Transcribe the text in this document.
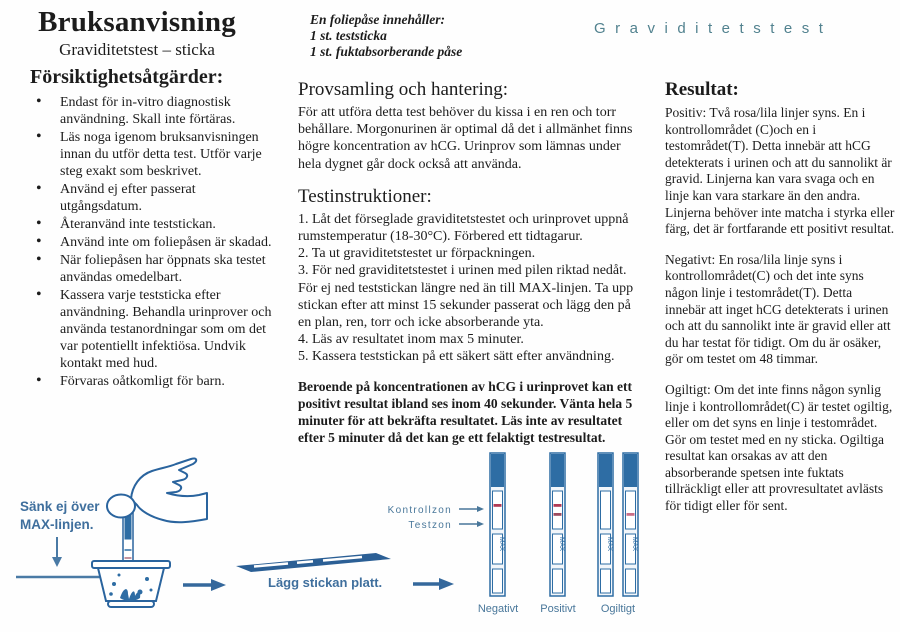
Bruksanvisning
Graviditetstest – sticka
En foliepåse innehåller:
1 st. teststicka
1 st. fuktabsorberande påse
Graviditetstest
Försiktighetsåtgärder:
• Endast för in-vitro diagnostisk användning. Skall inte förtäras.
• Läs noga igenom bruksanvisningen innan du utför detta test. Utför varje steg exakt som beskrivet.
• Använd ej efter passerat utgångsdatum.
• Återanvänd inte teststickan.
• Använd inte om foliepåsen är skadad.
• När foliepåsen har öppnats ska testet användas omedelbart.
• Kassera varje teststicka efter användning. Behandla urinprover och använda testanordningar som om det var potentiellt infektiösa. Undvik kontakt med hud.
• Förvaras oåtkomligt för barn.
Provsamling och hantering:

För att utföra detta test behöver du kissa i en ren och torr behållare. Morgonurinen är optimal då det i allmänhet finns högre koncentration av hCG. Urinprov som lämnas under hela dygnet går dock också att använda.

Testinstruktioner:
1. Låt det förseglade graviditetstestet och urinprovet uppnå rumstemperatur (18-30°C). Förbered ett tidtagarur.
2. Ta ut graviditetstestet ur förpackningen.
3. För ned graviditetstestet i urinen med pilen riktad nedåt. För ej ned teststickan längre ned än till MAX-linjen. Ta upp stickan efter att minst 15 sekunder passerat och lägg den på en plan, ren, torr och icke absorberande yta.
4. Läs av resultatet inom max 5 minuter.
5. Kassera teststickan på ett säkert sätt efter användning.

Beroende på koncentrationen av hCG i urinprovet kan ett positivt resultat ibland ses inom 40 sekunder. Vänta hela 5 minuter för att bekräfta resultatet. Läs inte av resultatet efter 5 minuter då det kan ge ett felaktigt testresultat.

Resultat:

Positiv: Två rosa/lila linjer syns. En i kontrollområdet (C)och en i testområdet(T). Detta innebär att hCG detekterats i urinen och att du sannolikt är gravid. Linjerna kan vara svaga och en linje kan vara starkare än den andra. Linjerna behöver inte matcha i styrka eller färg, det är fortfarande ett positivt resultat.

Negativt: En rosa/lila linje syns i kontrollområdet(C) och det inte syns någon linje i testområdet(T). Detta innebär att inget hCG detekterats i urinen och att du sannolikt inte är gravid eller att du har testat för tidigt. Om du är osäker, gör om testet om 48 timmar.

Ogiltigt: Om det inte finns någon synlig linje i kontrollområdet(C) är testet ogiltig, eller om det syns en linje i testområdet. Gör om testet med en ny sticka. Ogiltiga resultat kan orsakas av att den absorberande spetsen inte fuktats tillräckligt eller att provresultatet avlästs för tidigt eller för sent.

Sänk ej över
MAX-linjen.
Lägg stickan platt.
Kontrollzon
Testzon
MAX	MAX	MAX	MAX
Negativt Positivt Ogiltigt
